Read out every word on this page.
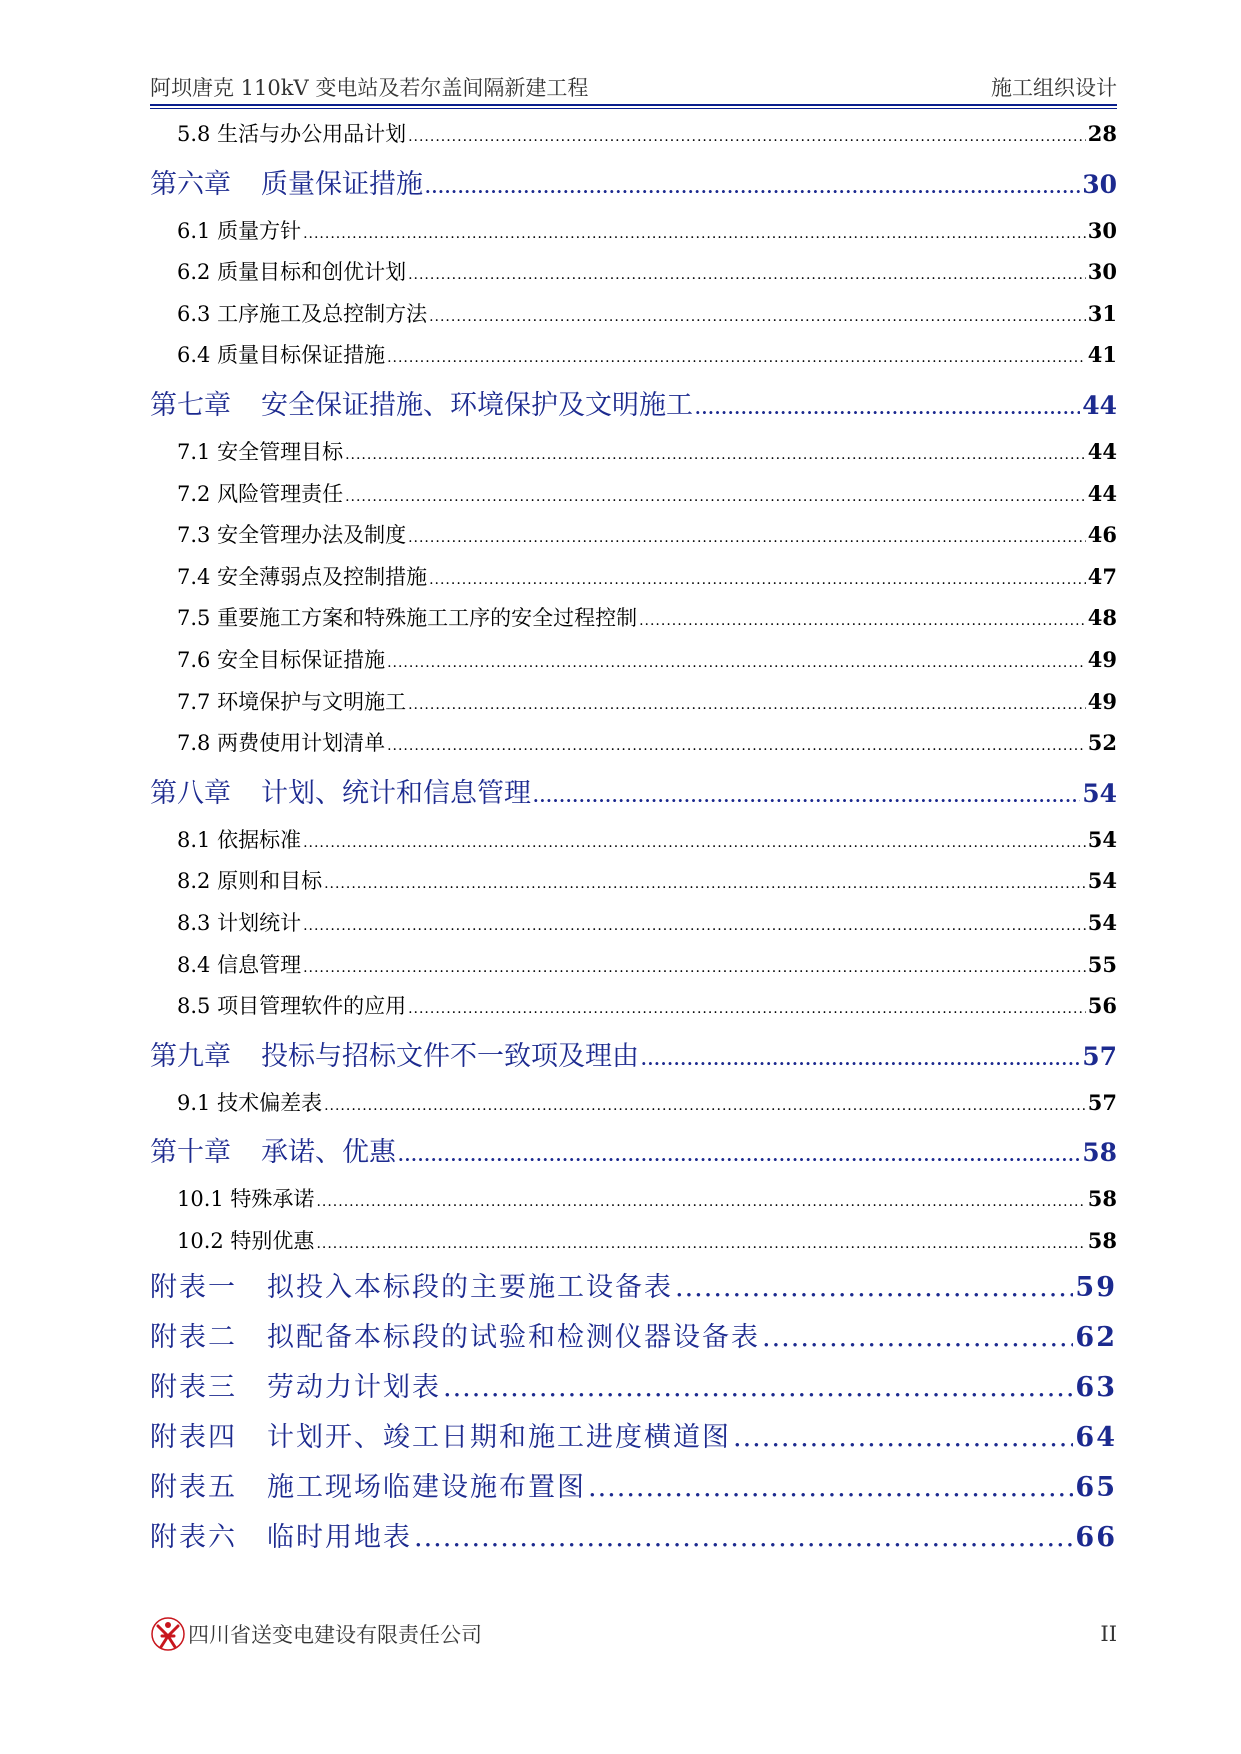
阿坝唐克 110kV 变电站及若尔盖间隔新建工程	施工组织设计
5.8 生活与办公用品计划 .....	28
第六章 质量保证措施 .....	30
6.1 质量方针 .....	30
6.2 质量目标和创优计划 .....	30
6.3 工序施工及总控制方法 .....	31
6.4 质量目标保证措施 .....	41
第七章 安全保证措施、环境保护及文明施工 .....	44
7.1 安全管理目标 .....	44
7.2 风险管理责任 .....	44
7.3 安全管理办法及制度 .....	46
7.4 安全薄弱点及控制措施 .....	47
7.5 重要施工方案和特殊施工工序的安全过程控制 .....	48
7.6 安全目标保证措施 .....	49
7.7 环境保护与文明施工 .....	49
7.8 两费使用计划清单 .....	52
第八章 计划、统计和信息管理 .....	54
8.1 依据标准 .....	54
8.2 原则和目标 .....	54
8.3 计划统计 .....	54
8.4 信息管理 .....	55
8.5 项目管理软件的应用 .....	56
第九章 投标与招标文件不一致项及理由 .....	57
9.1 技术偏差表 .....	57
第十章 承诺、优惠 .....	58
10.1 特殊承诺 .....	58
10.2 特别优惠 .....	58
附表一 拟投入本标段的主要施工设备表 .....	59
附表二 拟配备本标段的试验和检测仪器设备表 .....	62
附表三 劳动力计划表 .....	63
附表四 计划开、竣工日期和施工进度横道图 .....	64
附表五 施工现场临建设施布置图 .....	65
附表六 临时用地表 .....	66
四川省送变电建设有限责任公司	II
